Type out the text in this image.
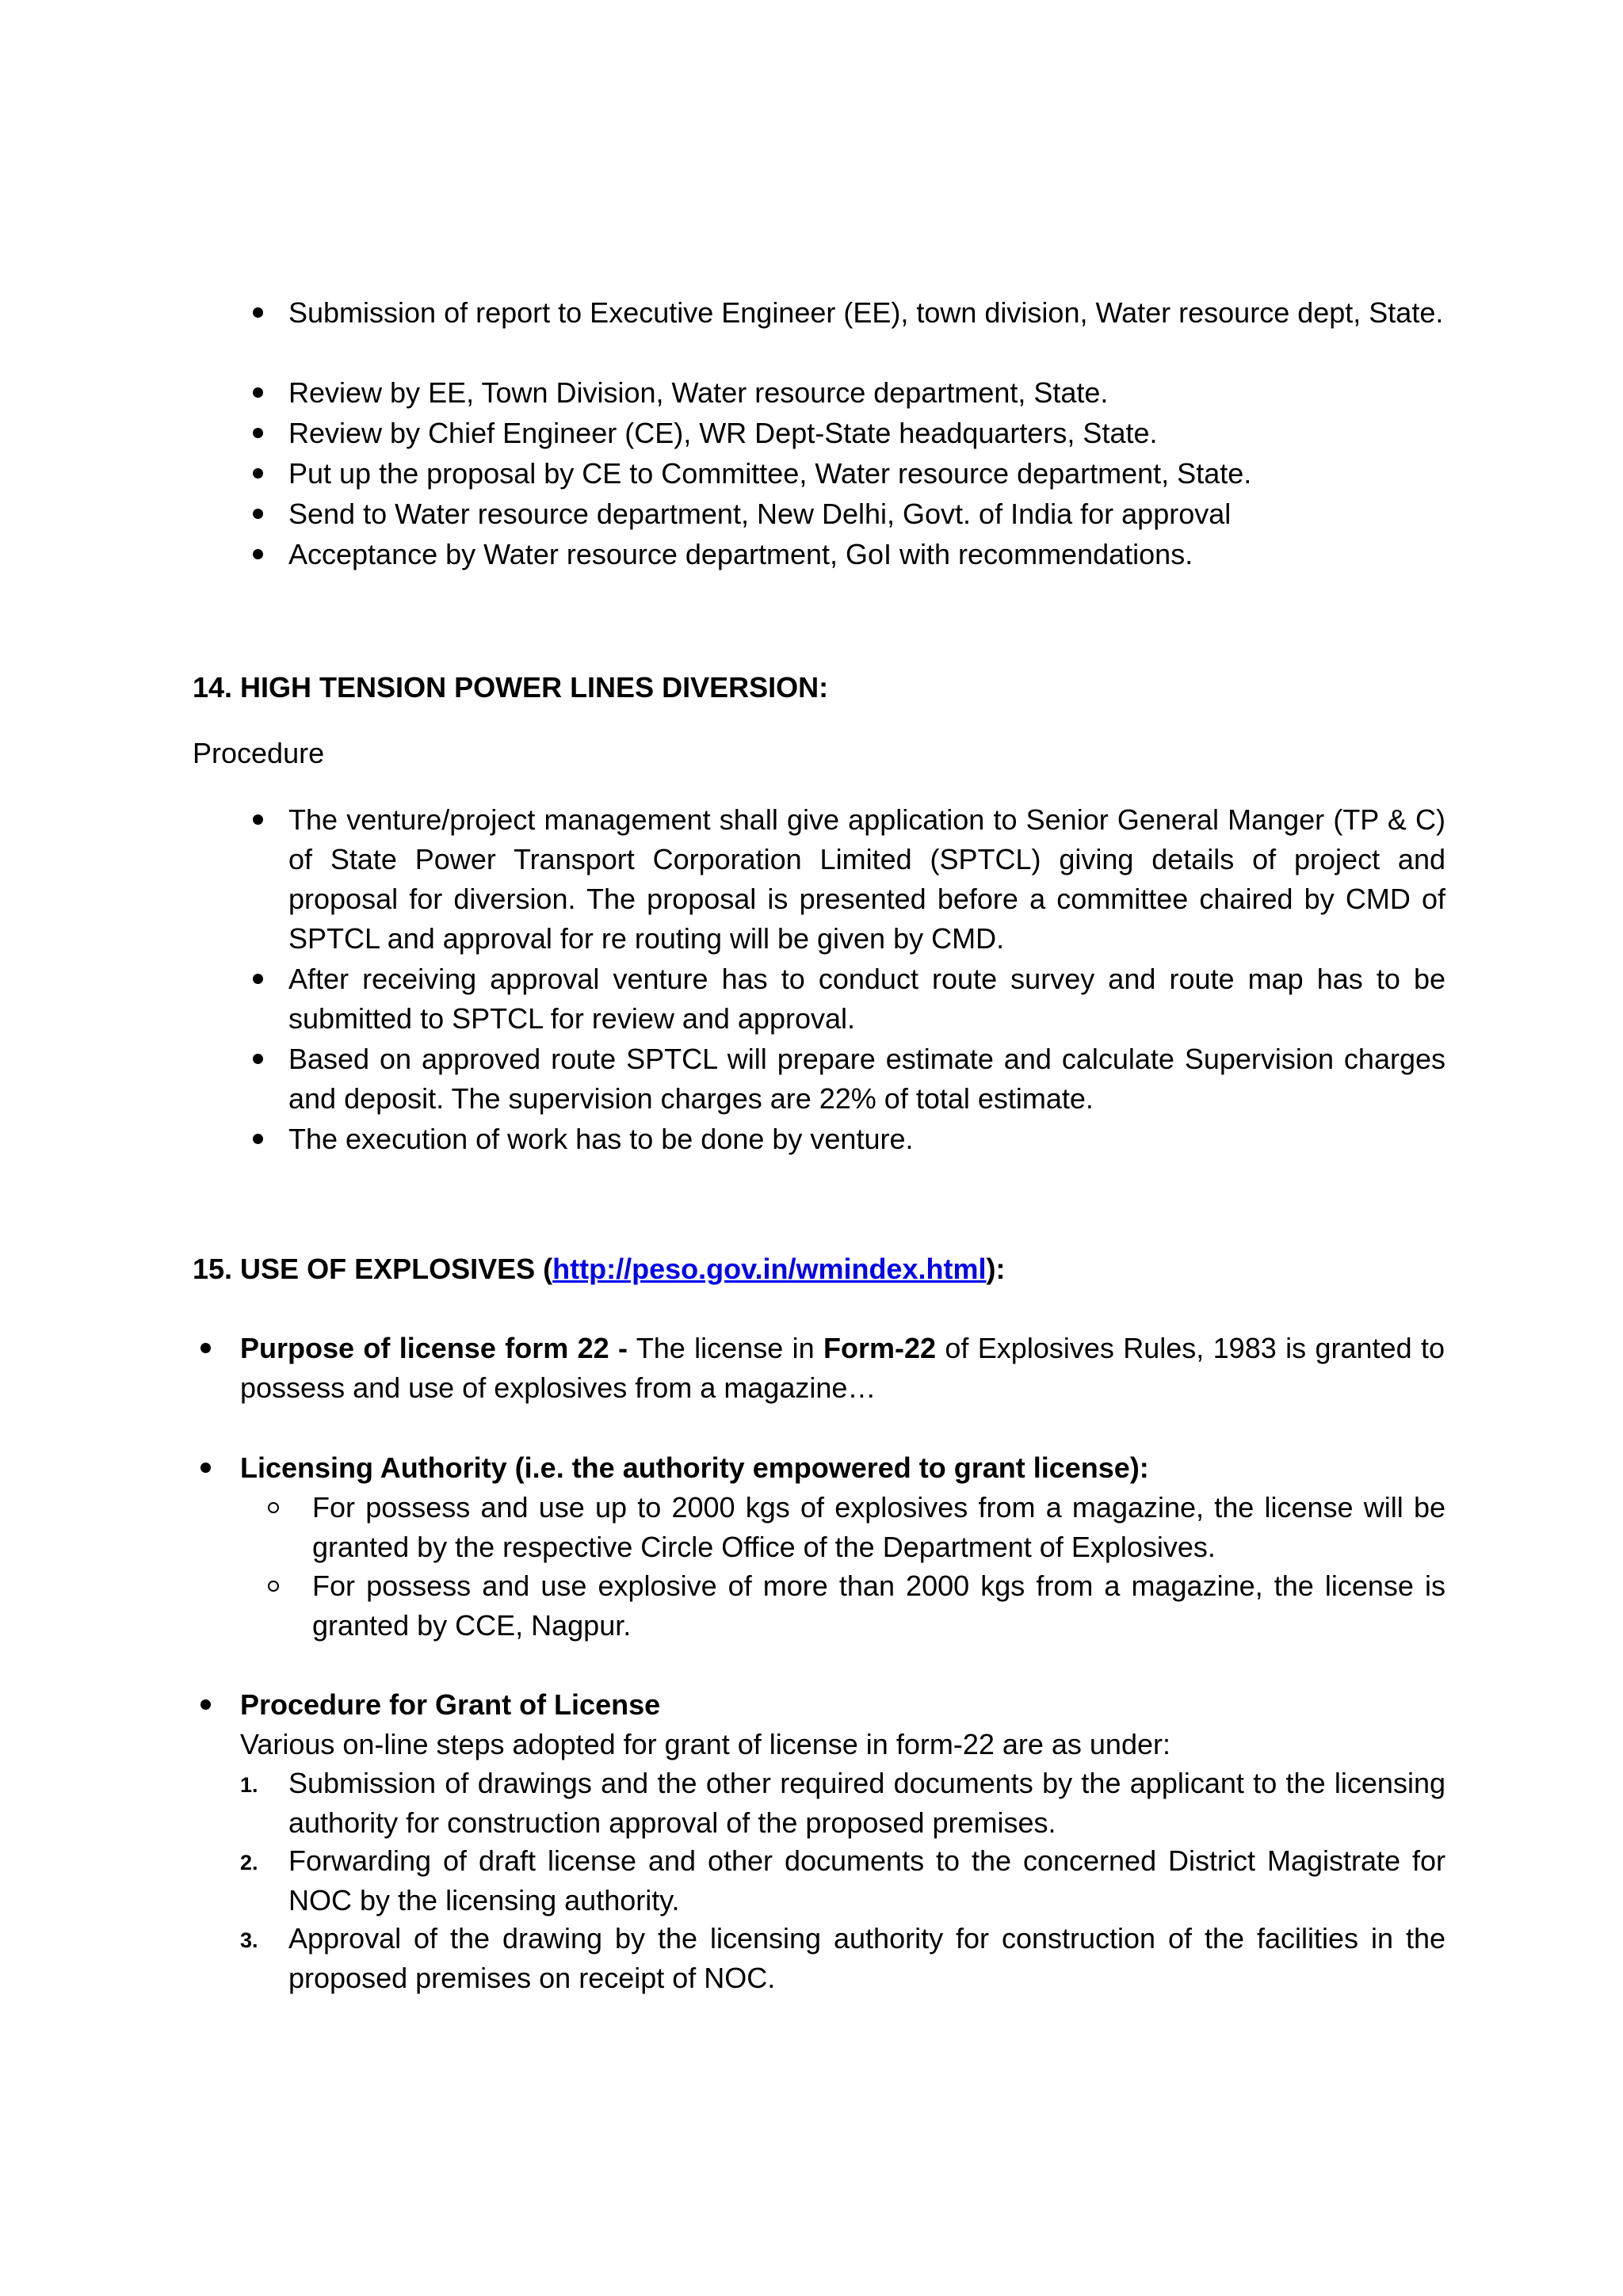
Submission of report to Executive Engineer (EE), town division, Water resource dept, State.
Review by EE, Town Division, Water resource department, State.
Review by Chief Engineer (CE), WR Dept-State headquarters, State.
Put up the proposal by CE to Committee, Water resource department, State.
Send to Water resource department, New Delhi, Govt. of India for approval
Acceptance by Water resource department, GoI with recommendations.
14. HIGH TENSION POWER LINES DIVERSION:
Procedure
The venture/project management shall give application to Senior General Manger (TP & C) of State Power Transport Corporation Limited (SPTCL) giving details of project and proposal for diversion. The proposal is presented before a committee chaired by CMD of SPTCL and approval for re routing will be given by CMD.
After receiving approval venture has to conduct route survey and route map has to be submitted to SPTCL for review and approval.
Based on approved route SPTCL will prepare estimate and calculate Supervision charges and deposit. The supervision charges are 22% of total estimate.
The execution of work has to be done by venture.
15. USE OF EXPLOSIVES (http://peso.gov.in/wmindex.html):
Purpose of license form 22 - The license in Form-22 of Explosives Rules, 1983 is granted to possess and use of explosives from a magazine…
Licensing Authority (i.e. the authority empowered to grant license):
For possess and use up to 2000 kgs of explosives from a magazine, the license will be granted by the respective Circle Office of the Department of Explosives.
For possess and use explosive of more than 2000 kgs from a magazine, the license is granted by CCE, Nagpur.
Procedure for Grant of License
Various on-line steps adopted for grant of license in form-22 are as under:
1. Submission of drawings and the other required documents by the applicant to the licensing authority for construction approval of the proposed premises.
2. Forwarding of draft license and other documents to the concerned District Magistrate for NOC by the licensing authority.
3. Approval of the drawing by the licensing authority for construction of the facilities in the proposed premises on receipt of NOC.
